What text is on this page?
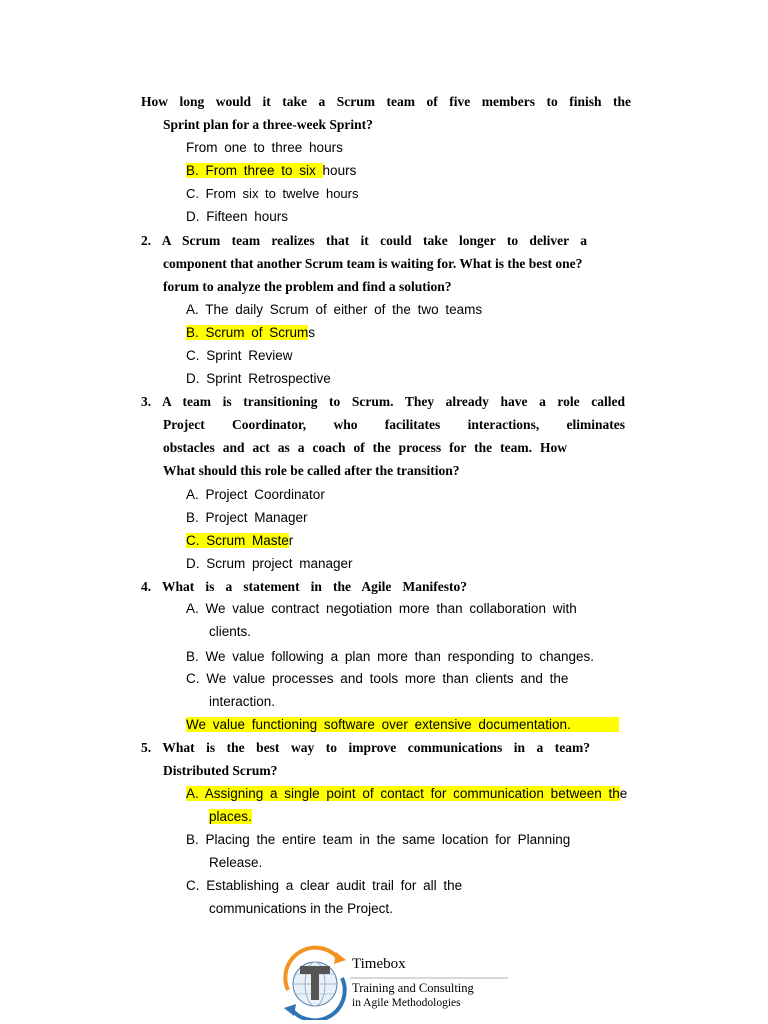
How long would it take a Scrum team of five members to finish the
Sprint plan for a three-week Sprint?
From one to three hours
B. From three to six hours
C. From six to twelve hours
D. Fifteen hours
2. A Scrum team realizes that it could take longer to deliver a
component that another Scrum team is waiting for. What is the best one?
forum to analyze the problem and find a solution?
A. The daily Scrum of either of the two teams
B. Scrum of Scrums
C. Sprint Review
D. Sprint Retrospective
3. A team is transitioning to Scrum. They already have a role called
Project Coordinator, who facilitates interactions, eliminates
obstacles and act as a coach of the process for the team. How
What should this role be called after the transition?
A. Project Coordinator
B. Project Manager
C. Scrum Master
D. Scrum project manager
4. What is a statement in the Agile Manifesto?
A. We value contract negotiation more than collaboration with
clients.
B. We value following a plan more than responding to changes.
C. We value processes and tools more than clients and the
interaction.
We value functioning software over extensive documentation.
5. What is the best way to improve communications in a team?
Distributed Scrum?
A. Assigning a single point of contact for communication between the
places.
B. Placing the entire team in the same location for Planning
Release.
C. Establishing a clear audit trail for all the
communications in the Project.
Timebox
Training and Consulting
in Agile Methodologies
